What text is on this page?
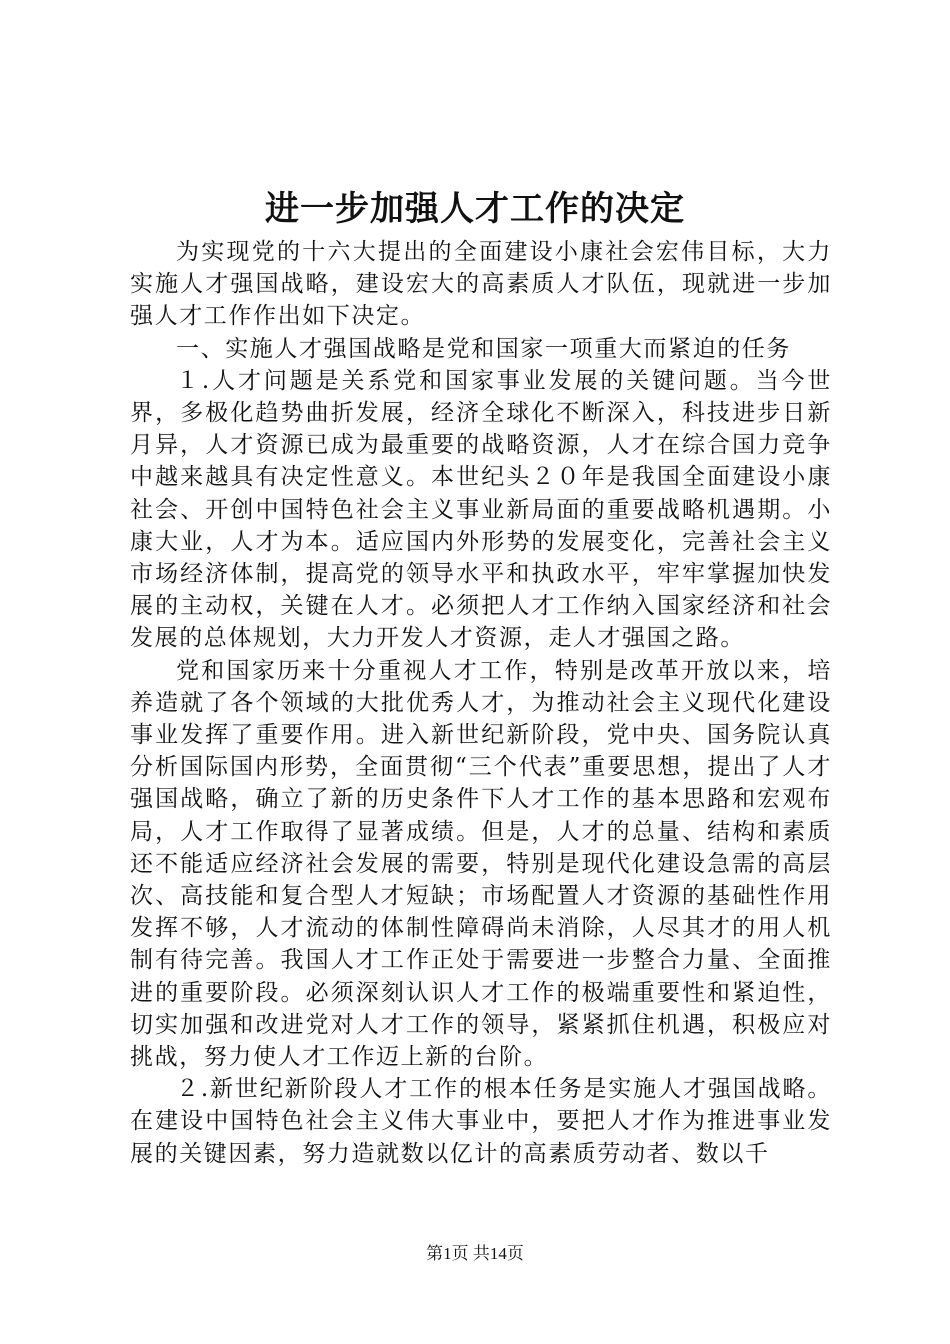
进一步加强人才工作的决定

为实现党的十六大提出的全面建设小康社会宏伟目标，大力实施人才强国战略，建设宏大的高素质人才队伍，现就进一步加强人才工作作出如下决定。

一、实施人才强国战略是党和国家一项重大而紧迫的任务

１.人才问题是关系党和国家事业发展的关键问题。当今世界，多极化趋势曲折发展，经济全球化不断深入，科技进步日新月异，人才资源已成为最重要的战略资源，人才在综合国力竞争中越来越具有决定性意义。本世纪头２０年是我国全面建设小康社会、开创中国特色社会主义事业新局面的重要战略机遇期。小康大业，人才为本。适应国内外形势的发展变化，完善社会主义市场经济体制，提高党的领导水平和执政水平，牢牢掌握加快发展的主动权，关键在人才。必须把人才工作纳入国家经济和社会发展的总体规划，大力开发人才资源，走人才强国之路。

党和国家历来十分重视人才工作，特别是改革开放以来，培养造就了各个领域的大批优秀人才，为推动社会主义现代化建设事业发挥了重要作用。进入新世纪新阶段，党中央、国务院认真分析国际国内形势，全面贯彻“三个代表”重要思想，提出了人才强国战略，确立了新的历史条件下人才工作的基本思路和宏观布局，人才工作取得了显著成绩。但是，人才的总量、结构和素质还不能适应经济社会发展的需要，特别是现代化建设急需的高层次、高技能和复合型人才短缺；市场配置人才资源的基础性作用发挥不够，人才流动的体制性障碍尚未消除，人尽其才的用人机制有待完善。我国人才工作正处于需要进一步整合力量、全面推进的重要阶段。必须深刻认识人才工作的极端重要性和紧迫性，切实加强和改进党对人才工作的领导，紧紧抓住机遇，积极应对挑战，努力使人才工作迈上新的台阶。

２.新世纪新阶段人才工作的根本任务是实施人才强国战略。在建设中国特色社会主义伟大事业中，要把人才作为推进事业发展的关键因素，努力造就数以亿计的高素质劳动者、数以千

第1页 共14页
